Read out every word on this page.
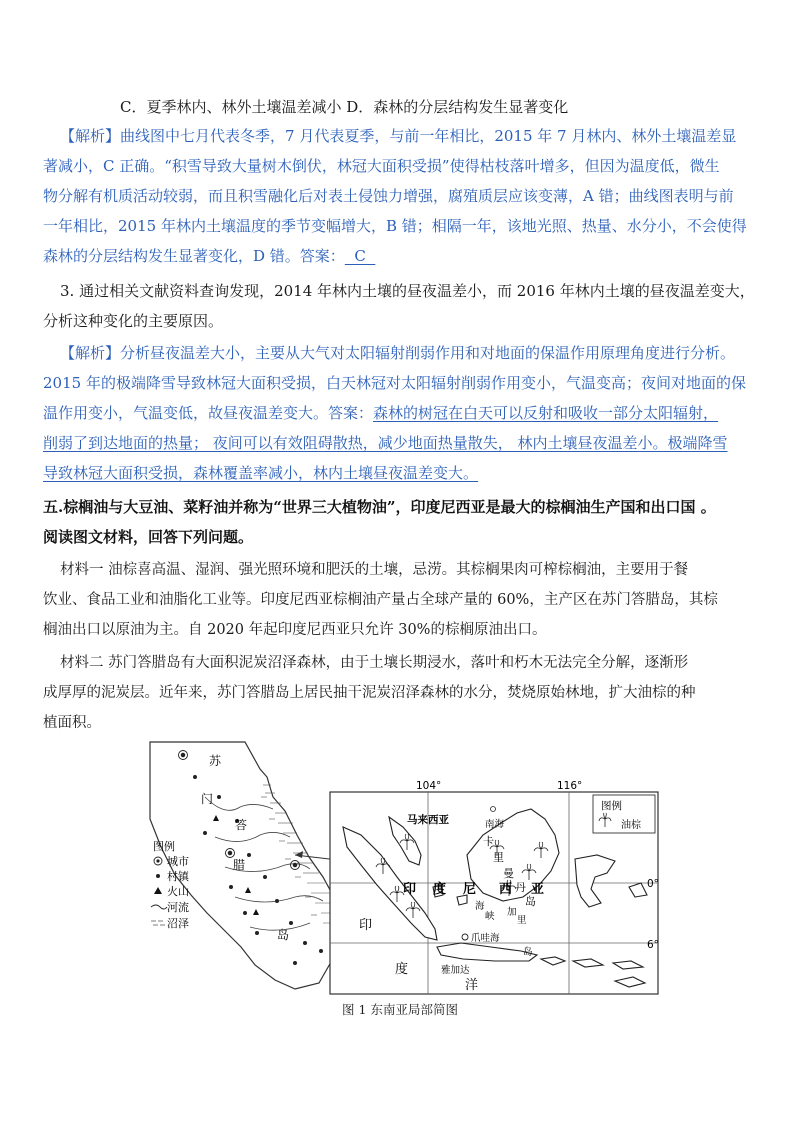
C．夏季林内、林外土壤温差减小 D．森林的分层结构发生显著变化
【解析】曲线图中七月代表冬季，7 月代表夏季，与前一年相比，2015 年 7 月林内、林外土壤温差显
著减小，C 正确。“积雪导致大量树木倒伏，林冠大面积受损”使得枯枝落叶增多，但因为温度低，微生
物分解有机质活动较弱，而且积雪融化后对表土侵蚀力增强，腐殖质层应该变薄，A 错；曲线图表明与前
一年相比，2015 年林内土壤温度的季节变幅增大，B 错；相隔一年，该地光照、热量、水分小，不会使得
森林的分层结构发生显著变化，D 错。答案：  C
3. 通过相关文献资料查询发现，2014 年林内土壤的昼夜温差小，而 2016 年林内土壤的昼夜温差变大，
分析这种变化的主要原因。
【解析】分析昼夜温差大小，主要从大气对太阳辐射削弱作用和对地面的保温作用原理角度进行分析。
2015 年的极端降雪导致林冠大面积受损，白天林冠对太阳辐射削弱作用变小，气温变高；夜间对地面的保
温作用变小，气温变低，故昼夜温差变大。答案：森林的树冠在白天可以反射和吸收一部分太阳辐射，
削弱了到达地面的热量； 夜间可以有效阻碍散热，减少地面热量散失， 林内土壤昼夜温差小。极端降雪
导致林冠大面积受损，森林覆盖率减小，林内土壤昼夜温差变大。
五.棕榈油与大豆油、菜籽油并称为“世界三大植物油”，印度尼西亚是最大的棕榈油生产国和出口国 。
阅读图文材料，回答下列问题。
材料一 油棕喜高温、湿润、强光照环境和肥沃的土壤，忌涝。其棕榈果肉可榨棕榈油，主要用于餐
饮业、食品工业和油脂化工业等。印度尼西亚棕榈油产量占全球产量的 60%，主产区在苏门答腊岛，其棕
榈油出口以原油为主。自 2020 年起印度尼西亚只允许 30%的棕榈原油出口。
材料二 苏门答腊岛有大面积泥炭沼泽森林，由于土壤长期浸水，落叶和朽木无法完全分解，逐渐形
成厚厚的泥炭层。近年来，苏门答腊岛上居民抽干泥炭沼泽森林的水分，焚烧原始林地，扩大油棕的种
植面积。
苏
门
答
腊
岛
图例
城市
村镇
火山
河流
沼泽
104°	116°
0°
6°
图例
油棕
马来西亚	南海
卡
里
曼
丹
岛
印 度 尼 西 亚
印
度
洋
爪哇海
雅加达
岛
海
峡 加
里
图 1 东南亚局部简图
